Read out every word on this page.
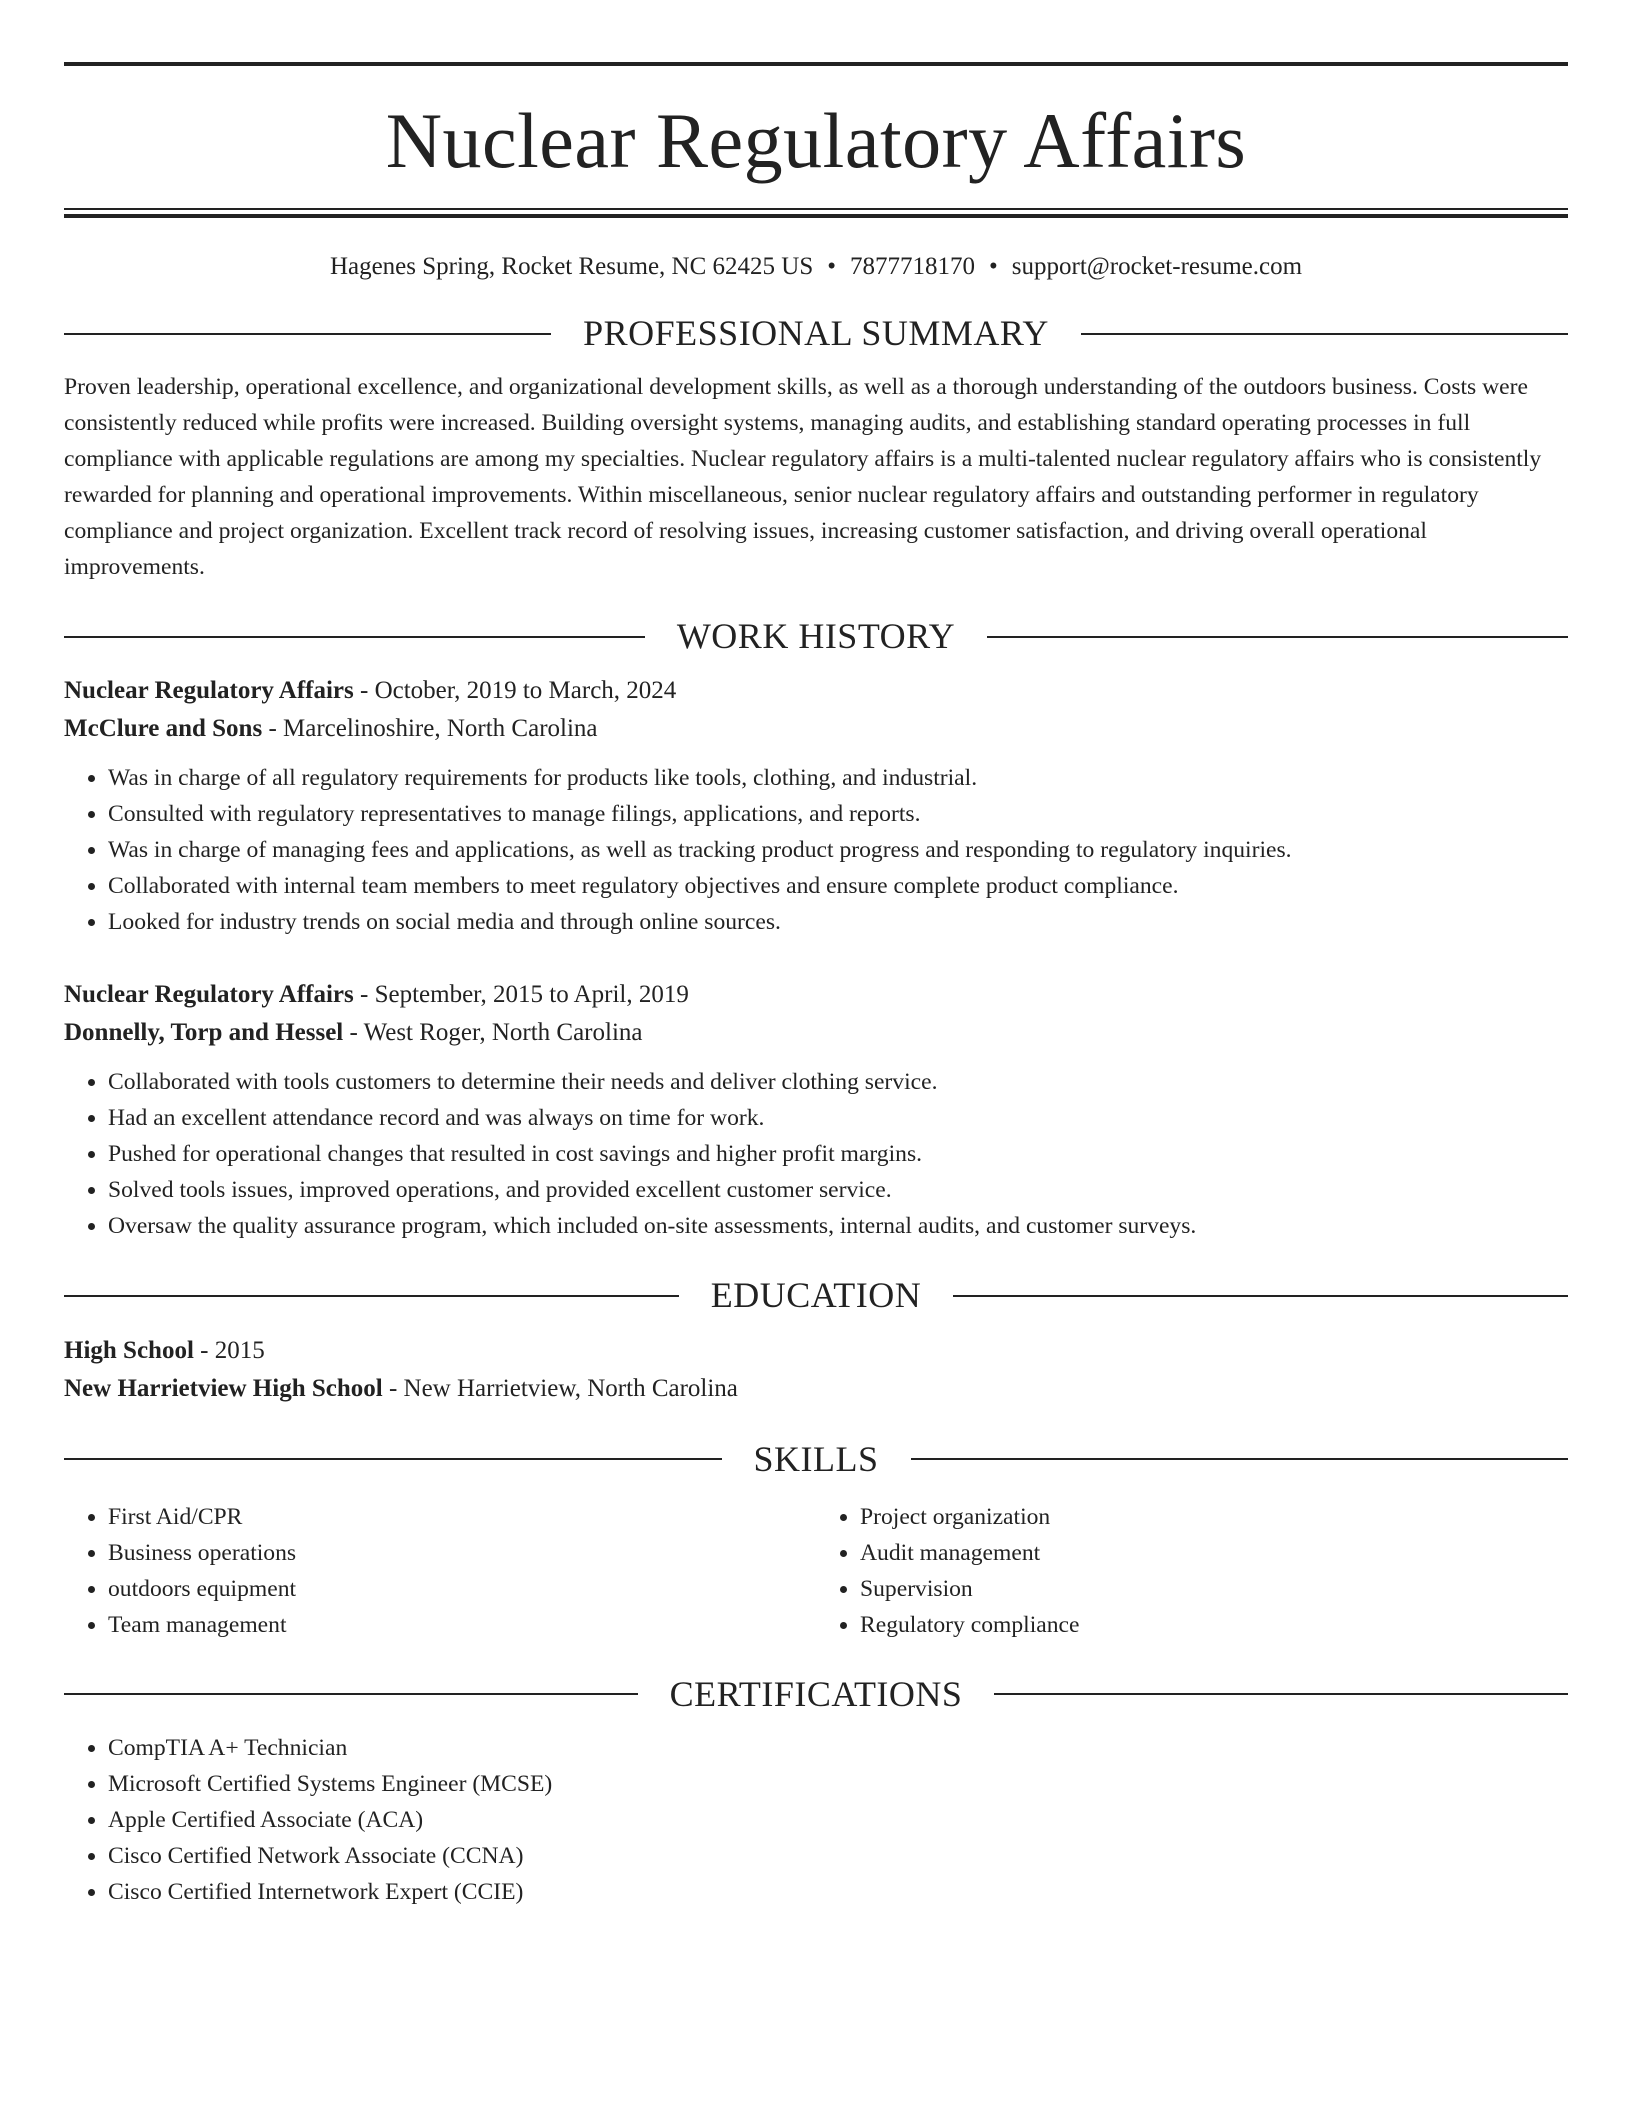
Nuclear Regulatory Affairs
Hagenes Spring, Rocket Resume, NC 62425 US • 7877718170 • support@rocket-resume.com
PROFESSIONAL SUMMARY

Proven leadership, operational excellence, and organizational development skills, as well as a thorough understanding of the outdoors business. Costs were consistently reduced while profits were increased. Building oversight systems, managing audits, and establishing standard operating processes in full compliance with applicable regulations are among my specialties. Nuclear regulatory affairs is a multi-talented nuclear regulatory affairs who is consistently rewarded for planning and operational improvements. Within miscellaneous, senior nuclear regulatory affairs and outstanding performer in regulatory compliance and project organization. Excellent track record of resolving issues, increasing customer satisfaction, and driving overall operational improvements.

WORK HISTORY
Nuclear Regulatory Affairs - October, 2019 to March, 2024
McClure and Sons - Marcelinoshire, North Carolina
• Was in charge of all regulatory requirements for products like tools, clothing, and industrial.
• Consulted with regulatory representatives to manage filings, applications, and reports.
• Was in charge of managing fees and applications, as well as tracking product progress and responding to regulatory inquiries.
• Collaborated with internal team members to meet regulatory objectives and ensure complete product compliance.
• Looked for industry trends on social media and through online sources.
Nuclear Regulatory Affairs - September, 2015 to April, 2019
Donnelly, Torp and Hessel - West Roger, North Carolina
• Collaborated with tools customers to determine their needs and deliver clothing service.
• Had an excellent attendance record and was always on time for work.
• Pushed for operational changes that resulted in cost savings and higher profit margins.
• Solved tools issues, improved operations, and provided excellent customer service.
• Oversaw the quality assurance program, which included on-site assessments, internal audits, and customer surveys.
EDUCATION
High School - 2015
New Harrietview High School - New Harrietview, North Carolina
SKILLS
• First Aid/CPR
• Business operations
• outdoors equipment
• Team management
• Project organization
• Audit management
• Supervision
• Regulatory compliance
CERTIFICATIONS
• CompTIA A+ Technician
• Microsoft Certified Systems Engineer (MCSE)
• Apple Certified Associate (ACA)
• Cisco Certified Network Associate (CCNA)
• Cisco Certified Internetwork Expert (CCIE)
